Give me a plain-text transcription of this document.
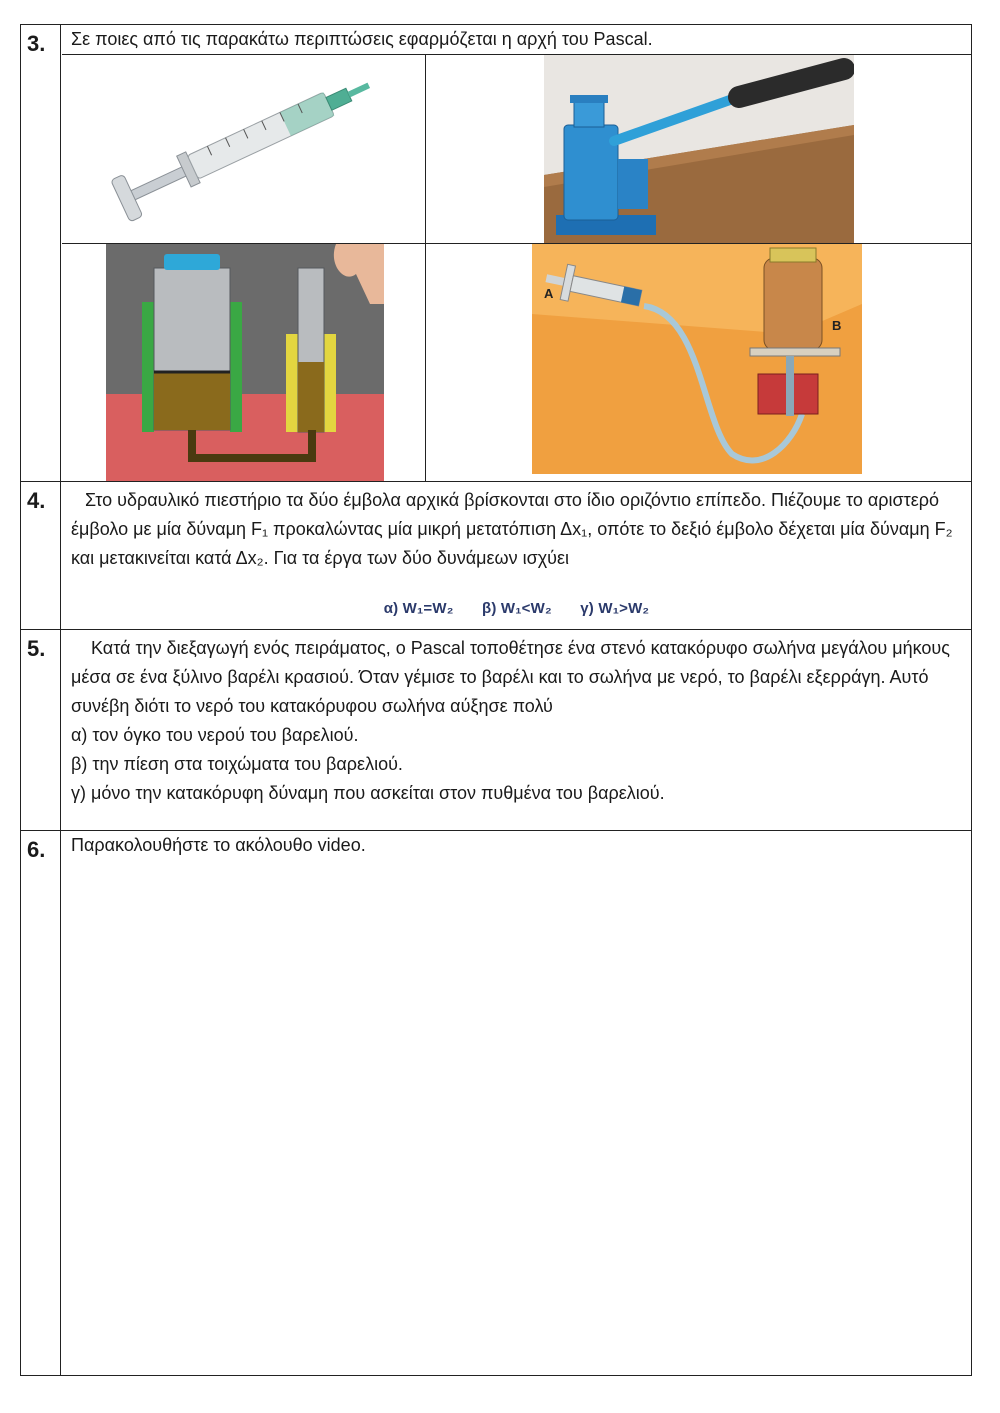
3.	Σε ποιες από τις παρακάτω περιπτώσεις εφαρμόζεται η αρχή του Pascal.
A
B
4.	Στο υδραυλικό πιεστήριο τα δύο έμβολα αρχικά βρίσκονται στο ίδιο οριζόντιο επίπεδο. Πιέζουμε το αριστερό έμβολο με μία δύναμη F₁ προκαλώντας μία μικρή μετατόπιση Δx₁, οπότε το δεξιό έμβολο δέχεται μία δύναμη F₂ και μετακινείται κατά Δx₂. Για τα έργα των δύο δυνάμεων ισχύει
α) W₁=W₂ β) W₁<W₂ γ) W₁>W₂
5.	Κατά την διεξαγωγή ενός πειράματος, ο Pascal τοποθέτησε ένα στενό κατακόρυφο σωλήνα μεγάλου μήκους μέσα σε ένα ξύλινο βαρέλι κρασιού. Όταν γέμισε το βαρέλι και το σωλήνα με νερό, το βαρέλι εξερράγη. Αυτό συνέβη διότι το νερό του κατακόρυφου σωλήνα αύξησε πολύ

α) τον όγκο του νερού του βαρελιού.

β) την πίεση στα τοιχώματα του βαρελιού.

γ) μόνο την κατακόρυφη δύναμη που ασκείται στον πυθμένα του βαρελιού.

6.	Παρακολουθήστε το ακόλουθο video.
